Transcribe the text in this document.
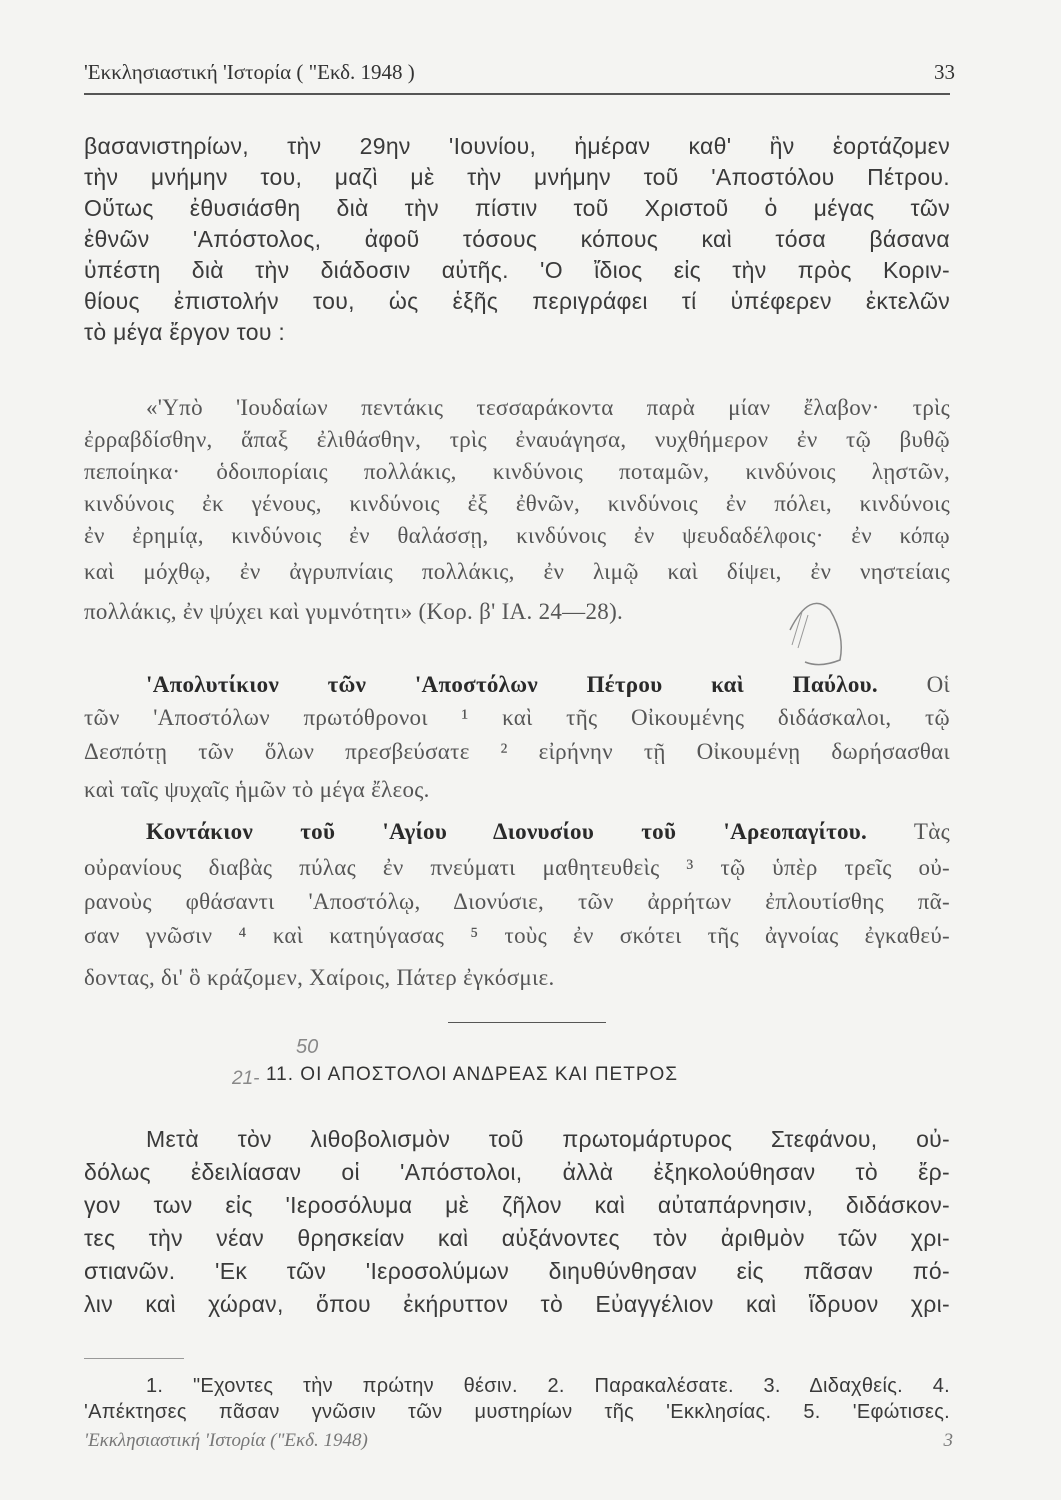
'Εκκλησιαστική 'Ιστορία ( "Εκδ. 1948 )	33
βασανιστηρίων, τὴν 29ην 'Ιουνίου, ἡμέραν καθ' ἣν ἑορτάζομεν
τὴν μνήμην του, μαζὶ μὲ τὴν μνήμην τοῦ 'Αποστόλου Πέτρου.
Οὕτως ἐθυσιάσθη διὰ τὴν πίστιν τοῦ Χριστοῦ ὁ μέγας τῶν
ἐθνῶν 'Απόστολος, ἀφοῦ τόσους κόπους καὶ τόσα βάσανα
ὑπέστη διὰ τὴν διάδοσιν αὐτῆς. 'Ο ἴδιος εἰς τὴν πρὸς Κοριν-
θίους ἐπιστολήν του, ὡς ἑξῆς περιγράφει τί ὑπέφερεν ἐκτελῶν
τὸ μέγα ἔργον του :
«'Υπὸ 'Ιουδαίων πεντάκις τεσσαράκοντα παρὰ μίαν ἔλαβον· τρὶς
ἐρραβδίσθην, ἅπαξ ἐλιθάσθην, τρὶς ἐναυάγησα, νυχθήμερον ἐν τῷ βυθῷ
πεποίηκα· ὁδοιπορίαις πολλάκις, κινδύνοις ποταμῶν, κινδύνοις λῃστῶν,
κινδύνοις ἐκ γένους, κινδύνοις ἐξ ἐθνῶν, κινδύνοις ἐν πόλει, κινδύνοις
ἐν ἐρημίᾳ, κινδύνοις ἐν θαλάσσῃ, κινδύνοις ἐν ψευδαδέλφοις· ἐν κόπῳ
καὶ μόχθῳ, ἐν ἀγρυπνίαις πολλάκις, ἐν λιμῷ καὶ δίψει, ἐν νηστείαις
πολλάκις, ἐν ψύχει καὶ γυμνότητι» (Κορ. β' ΙΑ. 24—28).
'Απολυτίκιον τῶν 'Αποστόλων Πέτρου καὶ Παύλου. Οἱ
τῶν 'Αποστόλων πρωτόθρονοι ¹ καὶ τῆς Οἰκουμένης διδάσκαλοι, τῷ
Δεσπότῃ τῶν ὅλων πρεσβεύσατε ² εἰρήνην τῇ Οἰκουμένῃ δωρήσασθαι
καὶ ταῖς ψυχαῖς ἡμῶν τὸ μέγα ἔλεος.
Κοντάκιον τοῦ 'Αγίου Διονυσίου τοῦ 'Αρεοπαγίτου. Τὰς
οὐρανίους διαβὰς πύλας ἐν πνεύματι μαθητευθεὶς ³ τῷ ὑπὲρ τρεῖς οὐ-
ρανοὺς φθάσαντι 'Αποστόλῳ, Διονύσιε, τῶν ἀρρήτων ἐπλουτίσθης πᾶ-
σαν γνῶσιν ⁴ καὶ κατηύγασας ⁵ τοὺς ἐν σκότει τῆς ἀγνοίας ἐγκαθεύ-
δοντας, δι' ὃ κράζομεν, Χαίροις, Πάτερ ἐγκόσμιε.
Μετὰ τὸν λιθοβολισμὸν τοῦ πρωτομάρτυρος Στεφάνου, οὐ-
δόλως ἐδειλίασαν οἱ 'Απόστολοι, ἀλλὰ ἐξηκολούθησαν τὸ ἔρ-
γον των εἰς 'Ιεροσόλυμα μὲ ζῆλον καὶ αὐταπάρνησιν, διδάσκον-
τες τὴν νέαν θρησκείαν καὶ αὐξάνοντες τὸν ἀριθμὸν τῶν χρι-
στιανῶν. 'Εκ τῶν 'Ιεροσολύμων διηυθύνθησαν εἰς πᾶσαν πό-
λιν καὶ χώραν, ὅπου ἐκήρυττον τὸ Εὐαγγέλιον καὶ ἵδρυον χρι-
1. "Εχοντες τὴν πρώτην θέσιν. 2. Παρακαλέσατε. 3. Διδαχθείς. 4.
'Απέκτησες πᾶσαν γνῶσιν τῶν μυστηρίων τῆς 'Εκκλησίας. 5. 'Εφώτισες.
21-
50
11. ΟΙ ΑΠΟΣΤΟΛΟΙ ΑΝΔΡΕΑΣ ΚΑΙ ΠΕΤΡΟΣ
'Εκκλησιαστική 'Ιστορία ("Εκδ. 1948)	3
